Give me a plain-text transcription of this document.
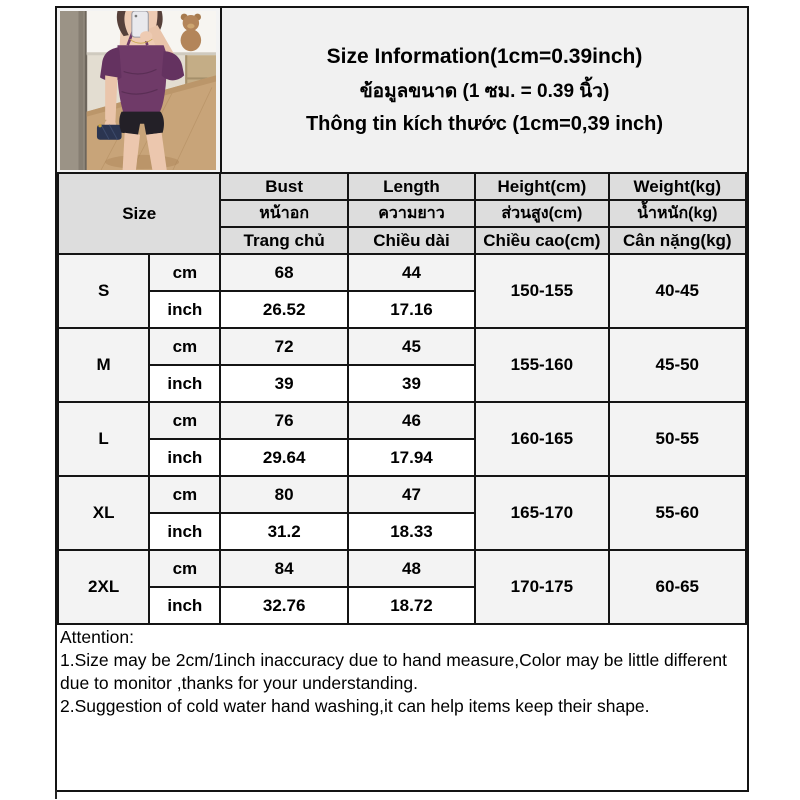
Size Information(1cm=0.39inch)
ข้อมูลขนาด (1 ซม. = 0.39 นิ้ว)
Thông tin kích thước (1cm=0,39 inch)
Size		Bust	Length	Height(cm)	Weight(kg)
		หน้าอก	ความยาว	ส่วนสูง(cm)	น้ำหนัก(kg)
		Trang chủ	Chiều dài	Chiều cao(cm)	Cân nặng(kg)
S	cm	68	44	150-155	40-45
	inch	26.52	17.16		
M	cm	72	45	155-160	45-50
	inch	39	39		
L	cm	76	46	160-165	50-55
	inch	29.64	17.94		
XL	cm	80	47	165-170	55-60
	inch	31.2	18.33		
2XL	cm	84	48	170-175	60-65
	inch	32.76	18.72		

Attention:

1.Size may be 2cm/1inch inaccuracy due to hand measure,Color may be little different due to monitor ,thanks for your understanding.

2.Suggestion of cold water hand washing,it can help items keep their shape.
